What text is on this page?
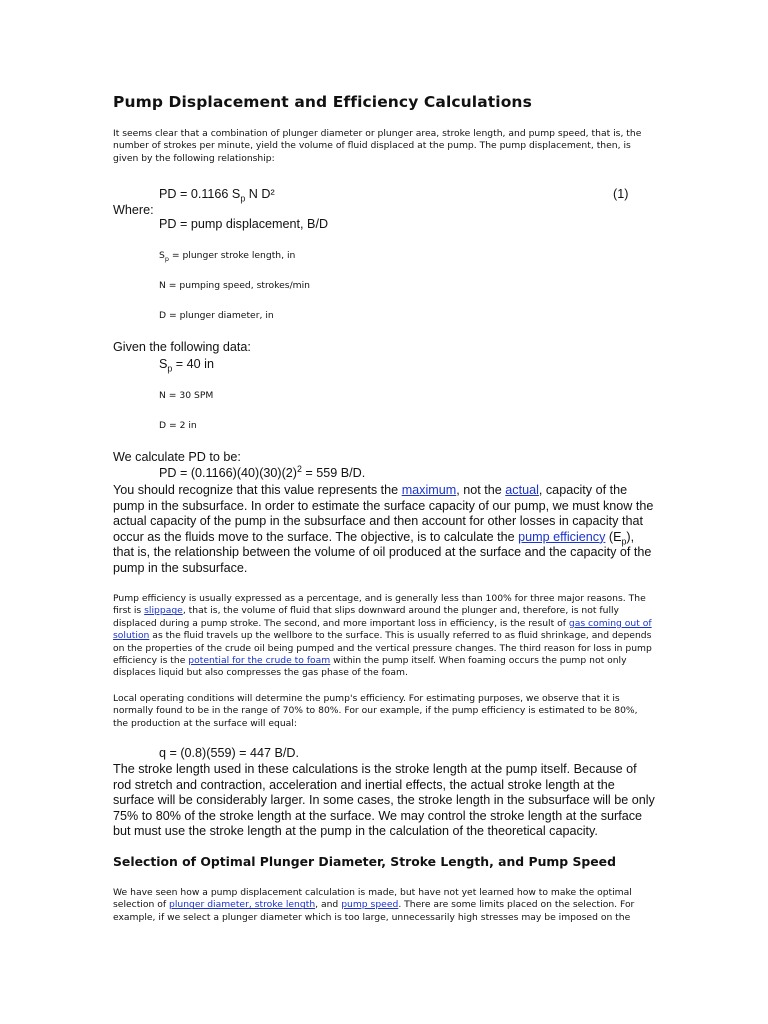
Pump Displacement and Efficiency Calculations
It seems clear that a combination of plunger diameter or plunger area, stroke length, and pump speed, that is, the number of strokes per minute, yield the volume of fluid displaced at the pump. The pump displacement, then, is given by the following relationship:
PD = 0.1166 $S_p$ N D²	(1)
Where:
PD = pump displacement, B/D
$S_p$ = plunger stroke length, in
N = pumping speed, strokes/min
D = plunger diameter, in
Given the following data:
$S_p = 40$ in
N = 30 SPM
D = 2 in
We calculate PD to be:
PD = $(0.1166)(40)(30)(2)^2 = 559$ B/D.
You should recognize that this value represents the maximum, not the actual, capacity of the pump in the subsurface. In order to estimate the surface capacity of our pump, we must know the actual capacity of the pump in the subsurface and then account for other losses in capacity that occur as the fluids move to the surface. The objective, is to calculate the pump efficiency $(E_p)$, that is, the relationship between the volume of oil produced at the surface and the capacity of the pump in the subsurface.
Pump efficiency is usually expressed as a percentage, and is generally less than 100% for three major reasons. The first is slippage, that is, the volume of fluid that slips downward around the plunger and, therefore, is not fully displaced during a pump stroke. The second, and more important loss in efficiency, is the result of gas coming out of solution as the fluid travels up the wellbore to the surface. This is usually referred to as fluid shrinkage, and depends on the properties of the crude oil being pumped and the vertical pressure changes. The third reason for loss in pump efficiency is the potential for the crude to foam within the pump itself. When foaming occurs the pump not only displaces liquid but also compresses the gas phase of the foam.
Local operating conditions will determine the pump's efficiency. For estimating purposes, we observe that it is normally found to be in the range of 70% to 80%. For our example, if the pump efficiency is estimated to be 80%, the production at the surface will equal:
q = (0.8)(559) = 447 B/D.
The stroke length used in these calculations is the stroke length at the pump itself. Because of rod stretch and contraction, acceleration and inertial effects, the actual stroke length at the surface will be considerably larger. In some cases, the stroke length in the subsurface will be only 75% to 80% of the stroke length at the surface. We may control the stroke length at the surface but must use the stroke length at the pump in the calculation of the theoretical capacity.
Selection of Optimal Plunger Diameter, Stroke Length, and Pump Speed
We have seen how a pump displacement calculation is made, but have not yet learned how to make the optimal selection of plunger diameter, stroke length, and pump speed. There are some limits placed on the selection. For example, if we select a plunger diameter which is too large, unnecessarily high stresses may be imposed on the
